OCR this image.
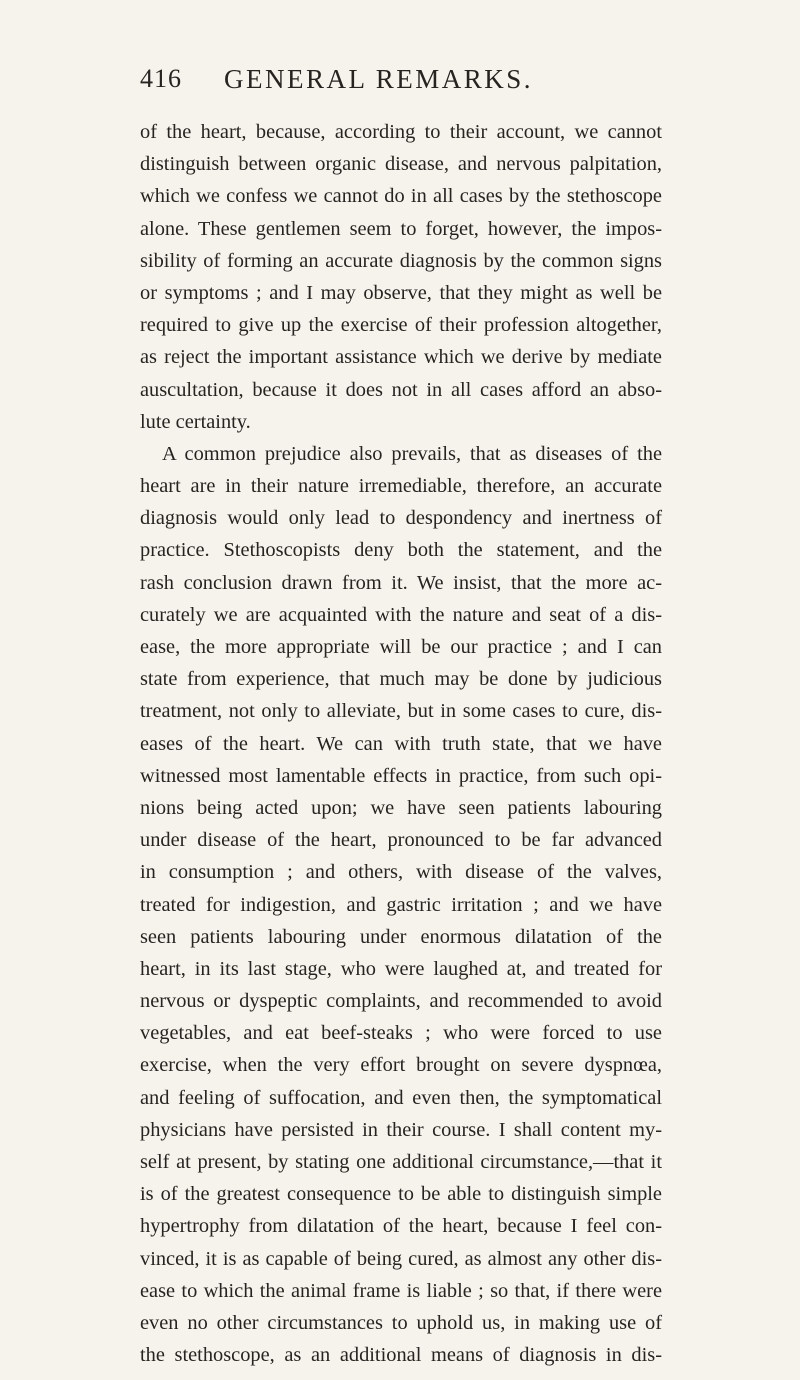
416 GENERAL REMARKS.
of the heart, because, according to their account, we cannot
distinguish between organic disease, and nervous palpitation,
which we confess we cannot do in all cases by the stethoscope
alone. These gentlemen seem to forget, however, the impos-
sibility of forming an accurate diagnosis by the common signs
or symptoms ; and I may observe, that they might as well be
required to give up the exercise of their profession altogether,
as reject the important assistance which we derive by mediate
auscultation, because it does not in all cases afford an abso-
lute certainty.
A common prejudice also prevails, that as diseases of the
heart are in their nature irremediable, therefore, an accurate
diagnosis would only lead to despondency and inertness of
practice. Stethoscopists deny both the statement, and the
rash conclusion drawn from it. We insist, that the more ac-
curately we are acquainted with the nature and seat of a dis-
ease, the more appropriate will be our practice ; and I can
state from experience, that much may be done by judicious
treatment, not only to alleviate, but in some cases to cure, dis-
eases of the heart. We can with truth state, that we have
witnessed most lamentable effects in practice, from such opi-
nions being acted upon; we have seen patients labouring
under disease of the heart, pronounced to be far advanced
in consumption ; and others, with disease of the valves,
treated for indigestion, and gastric irritation ; and we have
seen patients labouring under enormous dilatation of the
heart, in its last stage, who were laughed at, and treated for
nervous or dyspeptic complaints, and recommended to avoid
vegetables, and eat beef-steaks ; who were forced to use
exercise, when the very effort brought on severe dyspnœa,
and feeling of suffocation, and even then, the symptomatical
physicians have persisted in their course. I shall content my-
self at present, by stating one additional circumstance,—that it
is of the greatest consequence to be able to distinguish simple
hypertrophy from dilatation of the heart, because I feel con-
vinced, it is as capable of being cured, as almost any other dis-
ease to which the animal frame is liable ; so that, if there were
even no other circumstances to uphold us, in making use of
the stethoscope, as an additional means of diagnosis in dis-
